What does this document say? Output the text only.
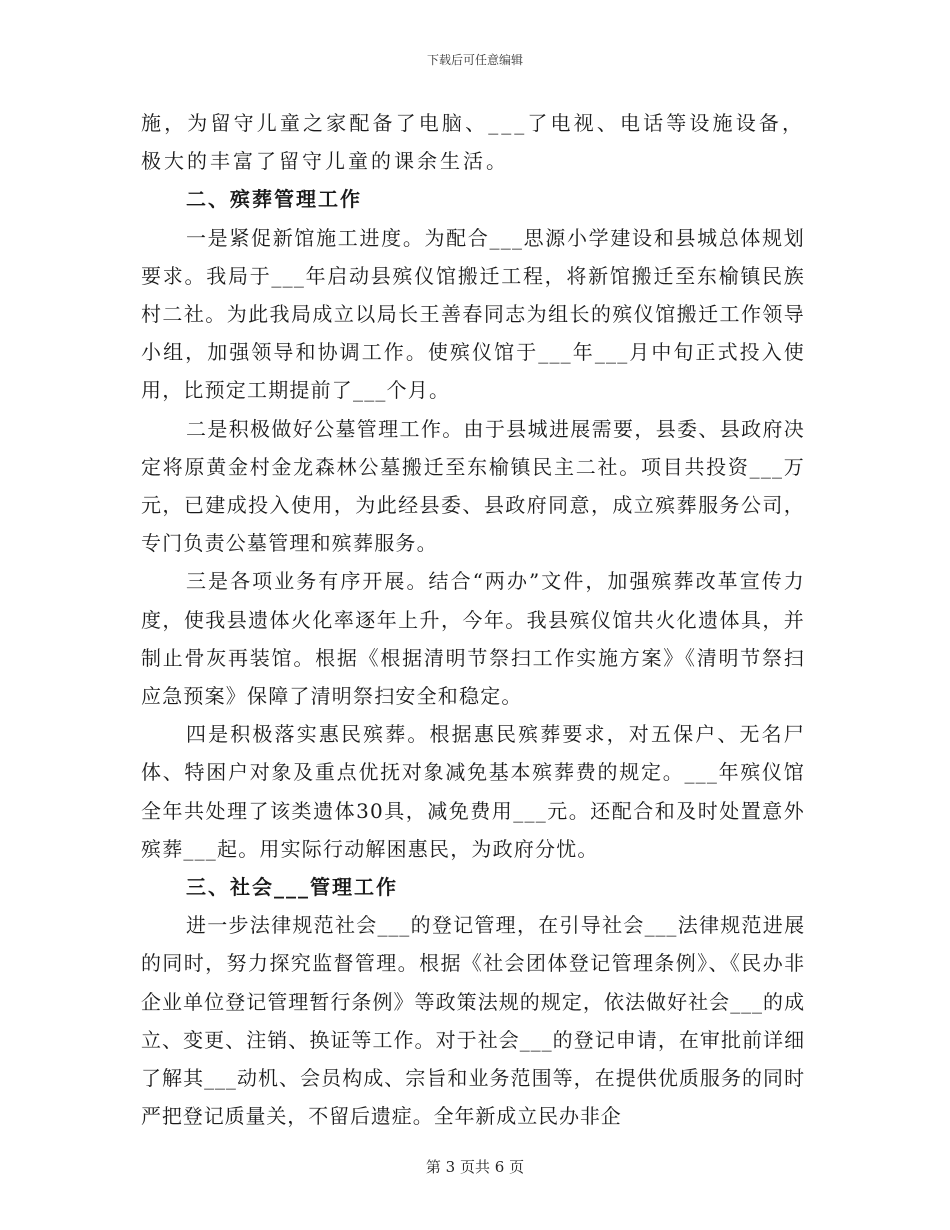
下载后可任意编辑

施，为留守儿童之家配备了电脑、___了电视、电话等设施设备，极大的丰富了留守儿童的课余生活。

二、殡葬管理工作

一是紧促新馆施工进度。为配合___思源小学建设和县城总体规划要求。我局于___年启动县殡仪馆搬迁工程，将新馆搬迁至东榆镇民族村二社。为此我局成立以局长王善春同志为组长的殡仪馆搬迁工作领导小组，加强领导和协调工作。使殡仪馆于___年___月中旬正式投入使用，比预定工期提前了___个月。

二是积极做好公墓管理工作。由于县城进展需要，县委、县政府决定将原黄金村金龙森林公墓搬迁至东榆镇民主二社。项目共投资___万元，已建成投入使用，为此经县委、县政府同意，成立殡葬服务公司，专门负责公墓管理和殡葬服务。

三是各项业务有序开展。结合“两办”文件，加强殡葬改革宣传力度，使我县遗体火化率逐年上升，今年。我县殡仪馆共火化遗体具，并制止骨灰再装馆。根据《根据清明节祭扫工作实施方案》《清明节祭扫应急预案》保障了清明祭扫安全和稳定。

四是积极落实惠民殡葬。根据惠民殡葬要求，对五保户、无名尸体、特困户对象及重点优抚对象减免基本殡葬费的规定。___年殡仪馆全年共处理了该类遗体30具，减免费用___元。还配合和及时处置意外殡葬___起。用实际行动解困惠民，为政府分忧。

三、社会___管理工作

进一步法律规范社会___的登记管理，在引导社会___法律规范进展的同时，努力探究监督管理。根据《社会团体登记管理条例》、《民办非企业单位登记管理暂行条例》等政策法规的规定，依法做好社会___的成立、变更、注销、换证等工作。对于社会___的登记申请，在审批前详细了解其___动机、会员构成、宗旨和业务范围等，在提供优质服务的同时严把登记质量关，不留后遗症。全年新成立民办非企

第 3 页共 6 页
